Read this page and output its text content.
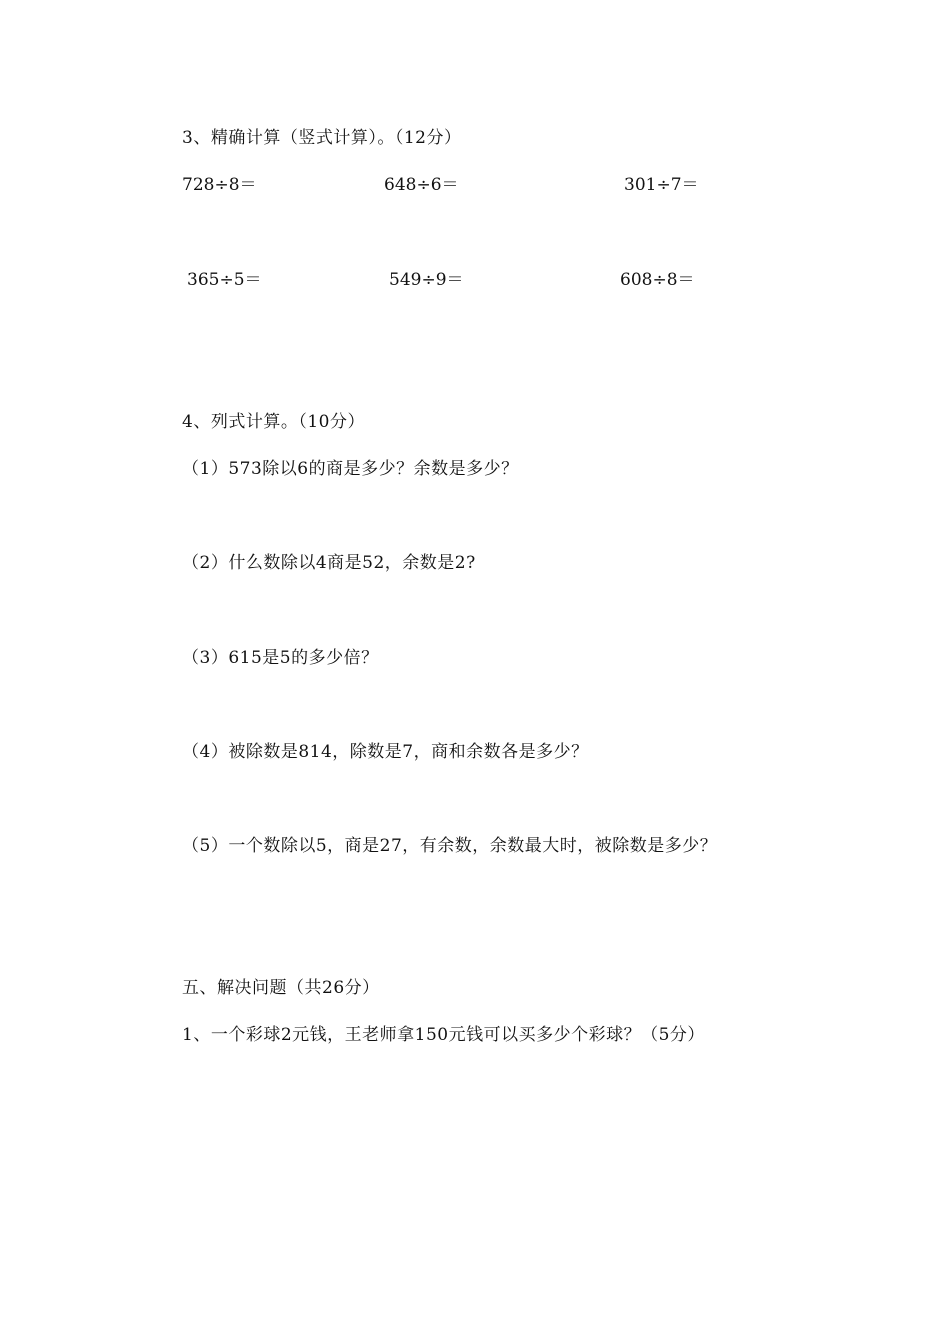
3、精确计算（竖式计算）。（12分）
728÷8＝	648÷6＝	301÷7＝
365÷5＝	549÷9＝	608÷8＝
4、列式计算。（10分）
（1）573除以6的商是多少？余数是多少？
（2）什么数除以4商是52，余数是2?
（3）615是5的多少倍？
（4）被除数是814，除数是7，商和余数各是多少？
（5）一个数除以5，商是27，有余数，余数最大时，被除数是多少？
五、解决问题（共26分）
1、一个彩球2元钱，王老师拿150元钱可以买多少个彩球？（5分）
